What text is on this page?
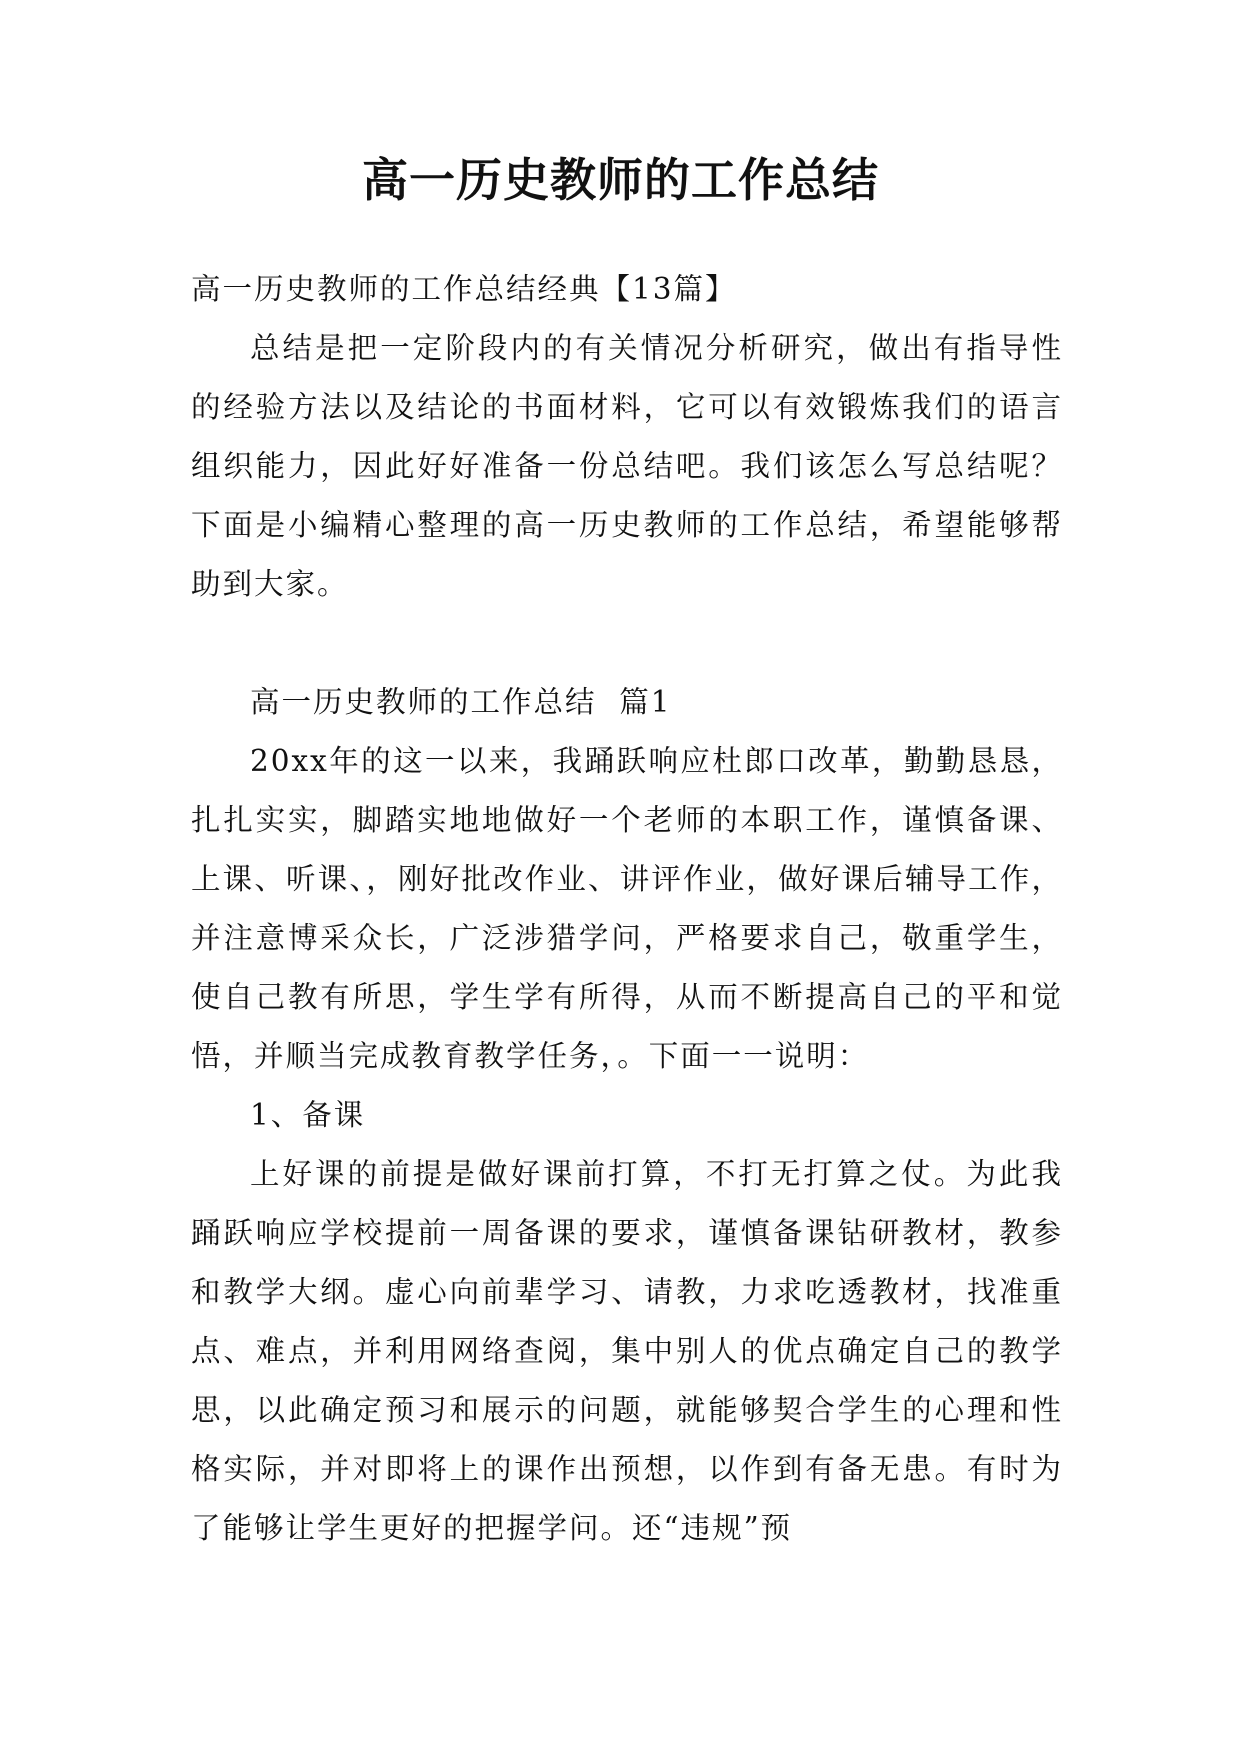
高一历史教师的工作总结

高一历史教师的工作总结经典【13篇】

总结是把一定阶段内的有关情况分析研究，做出有指导性的经验方法以及结论的书面材料，它可以有效锻炼我们的语言组织能力，因此好好准备一份总结吧。我们该怎么写总结呢？下面是小编精心整理的高一历史教师的工作总结，希望能够帮助到大家。

高一历史教师的工作总结  篇1

20xx年的这一以来，我踊跃响应杜郎口改革，勤勤恳恳，扎扎实实，脚踏实地地做好一个老师的本职工作，谨慎备课、上课、听课、，刚好批改作业、讲评作业，做好课后辅导工作，并注意博采众长，广泛涉猎学问，严格要求自己，敬重学生，使自己教有所思，学生学有所得，从而不断提高自己的平和觉悟，并顺当完成教育教学任务，。下面一一说明：

1、备课

上好课的前提是做好课前打算，不打无打算之仗。为此我踊跃响应学校提前一周备课的要求，谨慎备课钻研教材，教参和教学大纲。虚心向前辈学习、请教，力求吃透教材，找准重点、难点，并利用网络查阅，集中别人的优点确定自己的教学思，以此确定预习和展示的问题，就能够契合学生的心理和性格实际，并对即将上的课作出预想，以作到有备无患。有时为了能够让学生更好的把握学问。还“违规”预
